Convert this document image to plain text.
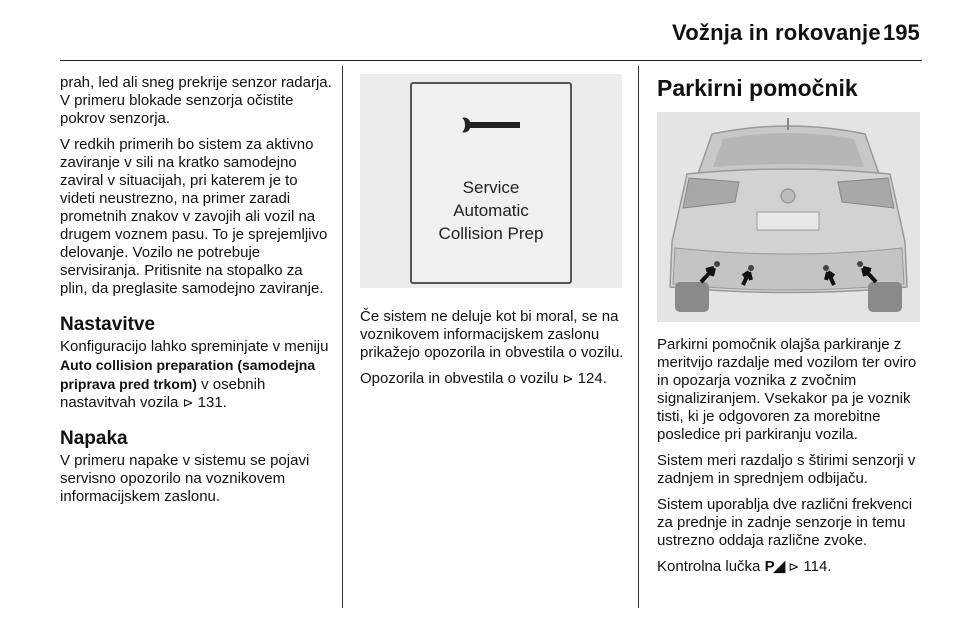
Vožnja in rokovanje 195

prah, led ali sneg prekrije senzor radarja. V primeru blokade senzorja očistite pokrov senzorja.

V redkih primerih bo sistem za aktivno zaviranje v sili na kratko samodejno zaviral v situacijah, pri katerem je to videti neustrezno, na primer zaradi prometnih znakov v zavojih ali vozil na drugem voznem pasu. To je sprejemljivo delovanje. Vozilo ne potrebuje servisiranja. Pritisnite na stopalko za plin, da preglasite samodejno zaviranje.

Nastavitve

Konfiguracijo lahko spreminjate v meniju Auto collision preparation (samodejna priprava pred trkom) v osebnih nastavitvah vozila ⊳ 131.

Napaka

V primeru napake v sistemu se pojavi servisno opozorilo na voznikovem informacijskem zaslonu.

Service
Automatic
Collision Prep

Če sistem ne deluje kot bi moral, se na voznikovem informacijskem zaslonu prikažejo opozorila in obvestila o vozilu.

Opozorila in obvestila o vozilu ⊳ 124.

Parkirni pomočnik

Parkirni pomočnik olajša parkiranje z meritvijo razdalje med vozilom ter oviro in opozarja voznika z zvočnim signaliziranjem. Vsekakor pa je voznik tisti, ki je odgovoren za morebitne posledice pri parkiranju vozila.

Sistem meri razdaljo s štirimi senzorji v zadnjem in sprednjem odbijaču.

Sistem uporablja dve različni frekvenci za prednje in zadnje senzorje in temu ustrezno oddaja različne zvoke.

Kontrolna lučka P◢ ⊳ 114.
